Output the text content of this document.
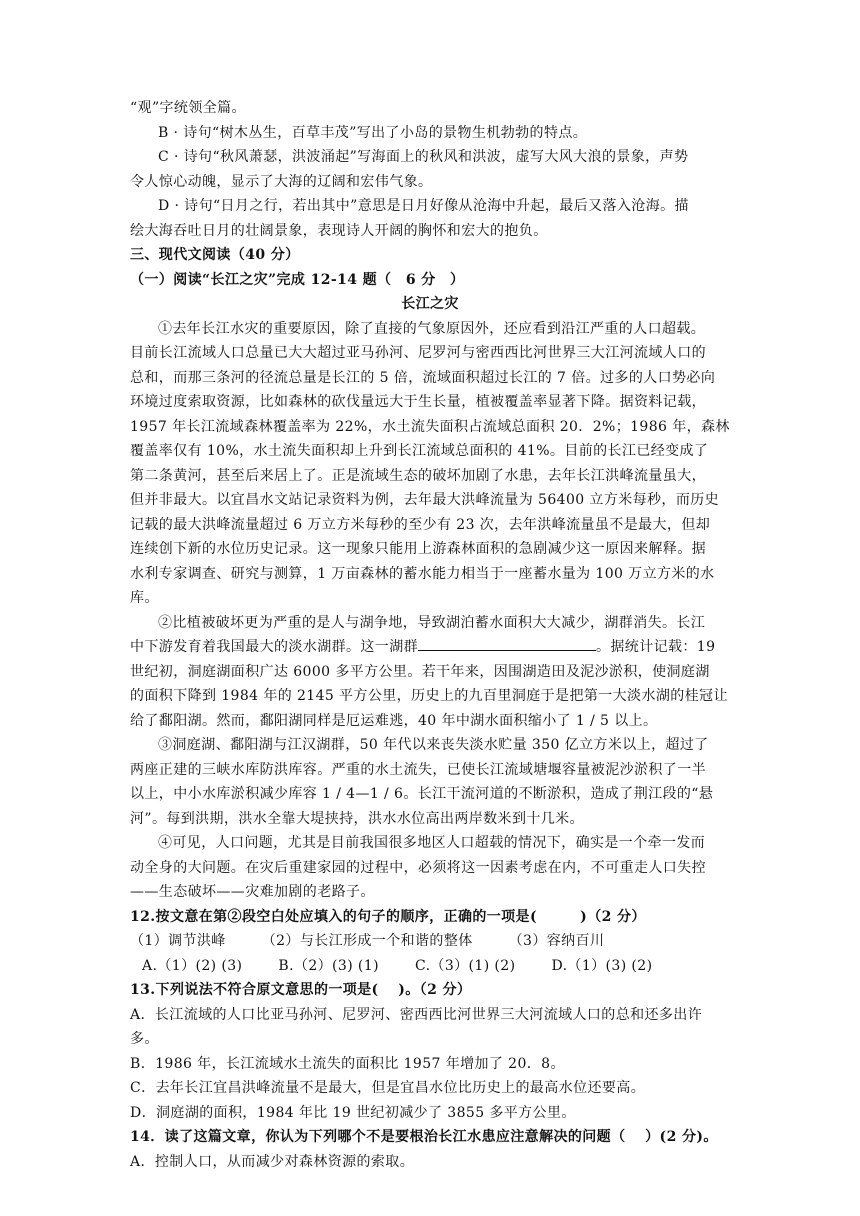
“观”字统领全篇。
B · 诗句“树木丛生，百草丰茂”写出了小岛的景物生机勃勃的特点。
C · 诗句“秋风萧瑟，洪波涌起”写海面上的秋风和洪波，虚写大风大浪的景象，声势
令人惊心动魄，显示了大海的辽阔和宏伟气象。
D · 诗句“日月之行，若出其中”意思是日月好像从沧海中升起，最后又落入沧海。描
绘大海吞吐日月的壮阔景象，表现诗人开阔的胸怀和宏大的抱负。
三、现代文阅读（40 分）
（一）阅读“长江之灾”完成 12-14 题（　6 分　）
长江之灾
①去年长江水灾的重要原因，除了直接的气象原因外，还应看到沿江严重的人口超载。
目前长江流域人口总量已大大超过亚马孙河、尼罗河与密西西比河世界三大江河流域人口的
总和，而那三条河的径流总量是长江的 5 倍，流域面积超过长江的 7 倍。过多的人口势必向
环境过度索取资源，比如森林的砍伐量远大于生长量，植被覆盖率显著下降。据资料记载，
1957 年长江流域森林覆盖率为 22%，水土流失面积占流域总面积 20．2%；1986 年，森林
覆盖率仅有 10%，水土流失面积却上升到长江流域总面积的 41%。目前的长江已经变成了
第二条黄河，甚至后来居上了。正是流域生态的破坏加剧了水患，去年长江洪峰流量虽大，
但并非最大。以宜昌水文站记录资料为例，去年最大洪峰流量为 56400 立方米每秒，而历史
记载的最大洪峰流量超过 6 万立方米每秒的至少有 23 次，去年洪峰流量虽不是最大，但却
连续创下新的水位历史记录。这一现象只能用上游森林面积的急剧减少这一原因来解释。据
水利专家调查、研究与测算，1 万亩森林的蓄水能力相当于一座蓄水量为 100 万立方米的水
库。
②比植被破坏更为严重的是人与湖争地，导致湖泊蓄水面积大大减少，湖群消失。长江
中下游发育着我国最大的淡水湖群。这一湖群	。据统计记载：19
世纪初，洞庭湖面积广达 6000 多平方公里。若干年来，因围湖造田及泥沙淤积，使洞庭湖
的面积下降到 1984 年的 2145 平方公里，历史上的九百里洞庭于是把第一大淡水湖的桂冠让
给了鄱阳湖。然而，鄱阳湖同样是厄运难逃，40 年中湖水面积缩小了 1 / 5 以上。
③洞庭湖、鄱阳湖与江汉湖群，50 年代以来丧失淡水贮量 350 亿立方米以上，超过了
两座正建的三峡水库防洪库容。严重的水土流失，已使长江流域塘堰容量被泥沙淤积了一半
以上，中小水库淤积减少库容 1 / 4—1 / 6。长江干流河道的不断淤积，造成了荆江段的“悬
河”。每到洪期，洪水全靠大堤挟持，洪水水位高出两岸数米到十几米。
④可见，人口问题，尤其是目前我国很多地区人口超载的情况下，确实是一个牵一发而
动全身的大问题。在灾后重建家园的过程中，必须将这一因素考虑在内，不可重走人口失控
——生态破坏——灾难加剧的老路子。
12.按文意在第②段空白处应填入的句子的顺序，正确的一项是(　　　)（2 分）
（1）调节洪峰	（2）与长江形成一个和谐的整体	（3）容纳百川
A.（1）(2) (3)	B.（2）(3) (1)	C.（3）(1) (2)	D.（1）(3) (2)
13.下列说法不符合原文意思的一项是(　 )。（2 分）
A．长江流域的人口比亚马孙河、尼罗河、密西西比河世界三大河流域人口的总和还多出许
多。
B．1986 年，长江流域水土流失的面积比 1957 年增加了 20．8。
C．去年长江宜昌洪峰流量不是最大，但是宜昌水位比历史上的最高水位还要高。
D．洞庭湖的面积，1984 年比 19 世纪初减少了 3855 多平方公里。
14．读了这篇文章，你认为下列哪个不是要根治长江水患应注意解决的问题（　 ）(2 分)。
A．控制人口，从而减少对森林资源的索取。
